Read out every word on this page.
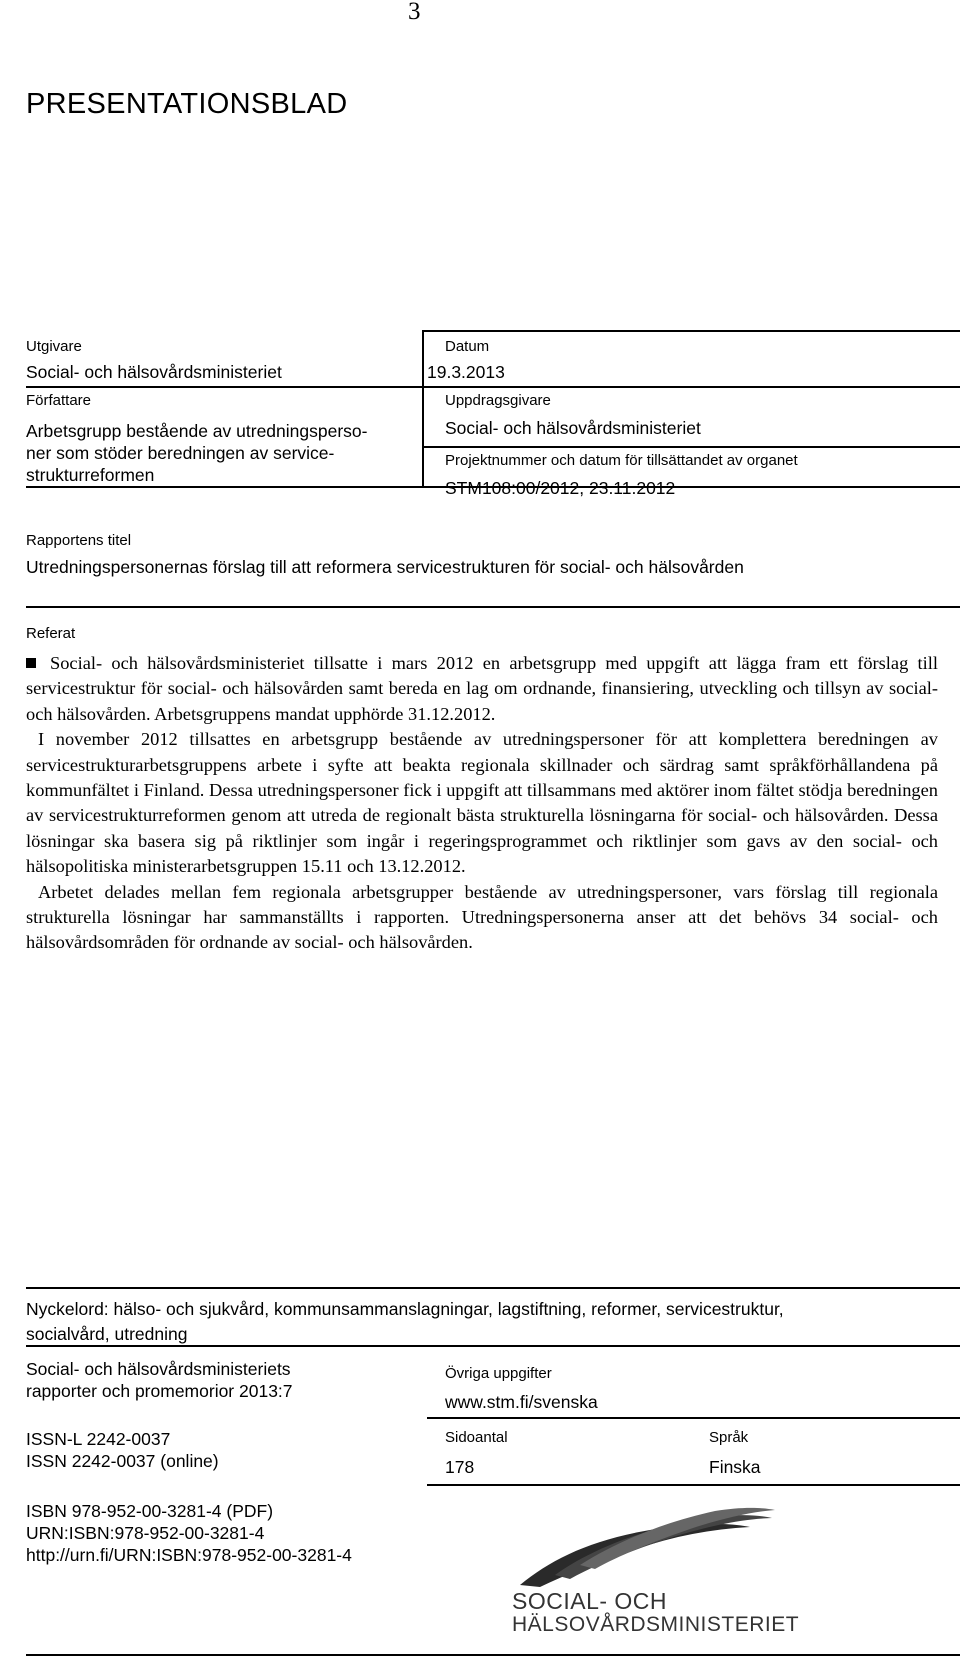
3
PRESENTATIONSBLAD
Utgivare
Social- och hälsovårdsministeriet
Datum
19.3.2013
Författare
Arbetsgrupp bestående av utredningsperso-
ner som stöder beredningen av service-
strukturreformen
Uppdragsgivare
Social- och hälsovårdsministeriet
Projektnummer och datum för tillsättandet av organet
STM108:00/2012, 23.11.2012
Rapportens titel
Utredningspersonernas förslag till att reformera servicestrukturen för social- och hälsovården
Referat

Social- och hälsovårdsministeriet tillsatte i mars 2012 en arbetsgrupp med uppgift att lägga fram ett förslag till servicestruktur för social- och hälsovården samt bereda en lag om ordnande, finansiering, utveckling och tillsyn av social- och hälsovården. Arbetsgruppens mandat upphörde 31.12.2012.

I november 2012 tillsattes en arbetsgrupp bestående av utredningspersoner för att komplettera beredningen av servicestrukturarbetsgruppens arbete i syfte att beakta regionala skillnader och särdrag samt språkförhållandena på kommunfältet i Finland. Dessa utredningspersoner fick i uppgift att tillsammans med aktörer inom fältet stödja beredningen av servicestrukturreformen genom att utreda de regionalt bästa strukturella lösningarna för social- och hälsovården. Dessa lösningar ska basera sig på riktlinjer som ingår i regeringsprogrammet och riktlinjer som gavs av den social- och hälsopolitiska ministerarbetsgruppen 15.11 och 13.12.2012.

Arbetet delades mellan fem regionala arbetsgrupper bestående av utredningspersoner, vars förslag till regionala strukturella lösningar har sammanställts i rapporten. Utredningspersonerna anser att det behövs 34 social- och hälsovårdsområden för ordnande av social- och hälsovården.

Nyckelord: hälso- och sjukvård, kommunsammanslagningar, lagstiftning, reformer, servicestruktur,
socialvård, utredning
Social- och hälsovårdsministeriets
rapporter och promemorior 2013:7
ISSN-L 2242-0037
ISSN 2242-0037 (online)
ISBN 978-952-00-3281-4 (PDF)
URN:ISBN:978-952-00-3281-4
http://urn.fi/URN:ISBN:978-952-00-3281-4
Övriga uppgifter
www.stm.fi/svenska
Sidoantal
178
Språk
Finska
SOCIAL- OCH
HÄLSOVÅRDSMINISTERIET
